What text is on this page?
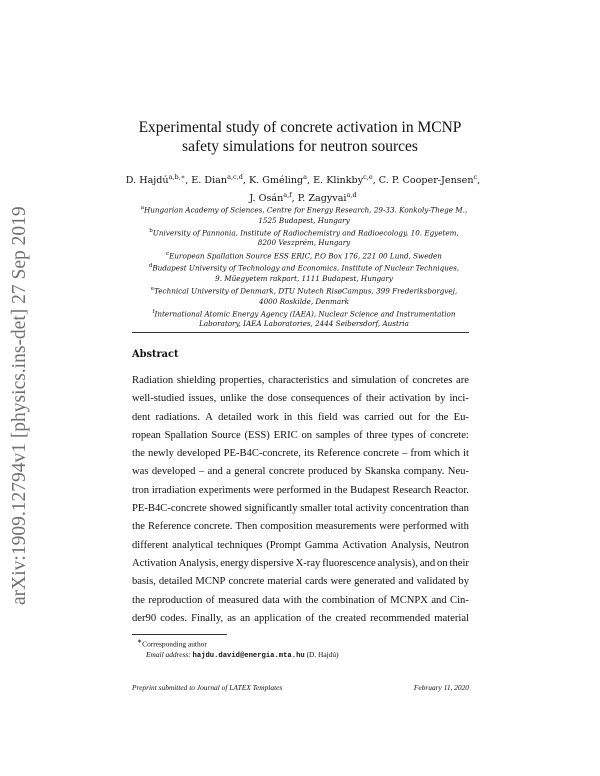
arXiv:1909.12794v1 [physics.ins-det] 27 Sep 2019
Experimental study of concrete activation in MCNP
safety simulations for neutron sources
D. Hajdú$^{a,b,∗}$, E. Dian$^{a,c,d}$, K. Gméling$^a$, E. Klinkby$^{c,e}$, C. P. Cooper-Jensen$^c$,
J. Osán$^{a,f}$, P. Zagyvai$^{a,d}$
$^a$Hungarian Academy of Sciences, Centre for Energy Research, 29-33. Konkoly-Thege M.,
1525 Budapest, Hungary
$^b$University of Pannonia, Institute of Radiochemistry and Radioecology, 10. Egyetem,
8200 Veszprém, Hungary
$^c$European Spallation Source ESS ERIC, P.O Box 176, 221 00 Lund, Sweden
$^d$Budapest University of Technology and Economics, Institute of Nuclear Techniques,
9. Műegyetem rakpart, 1111 Budapest, Hungary
$^e$Technical University of Denmark, DTU Nutech RisøCampus, 399 Frederiksborgvej,
4000 Roskilde, Denmark
$^f$International Atomic Energy Agency (IAEA), Nuclear Science and Instrumentation
Laboratory, IAEA Laboratories, 2444 Seibersdorf, Austria
Abstract
Radiation shielding properties, characteristics and simulation of concretes are
well-studied issues, unlike the dose consequences of their activation by inci-
dent radiations. A detailed work in this field was carried out for the Eu-
ropean Spallation Source (ESS) ERIC on samples of three types of concrete:
the newly developed PE-B4C-concrete, its Reference concrete – from which it
was developed – and a general concrete produced by Skanska company. Neu-
tron irradiation experiments were performed in the Budapest Research Reactor.
PE-B4C-concrete showed significantly smaller total activity concentration than
the Reference concrete. Then composition measurements were performed with
different analytical techniques (Prompt Gamma Activation Analysis, Neutron
Activation Analysis, energy dispersive X-ray fluorescence analysis), and on their
basis, detailed MCNP concrete material cards were generated and validated by
the reproduction of measured data with the combination of MCNPX and Cin-
der90 codes. Finally, as an application of the created recommended material
∗Corresponding author
Email address: hajdu.david@energia.mta.hu (D. Hajdú)
Preprint submitted to Journal of LATEX Templates	February 11, 2020
